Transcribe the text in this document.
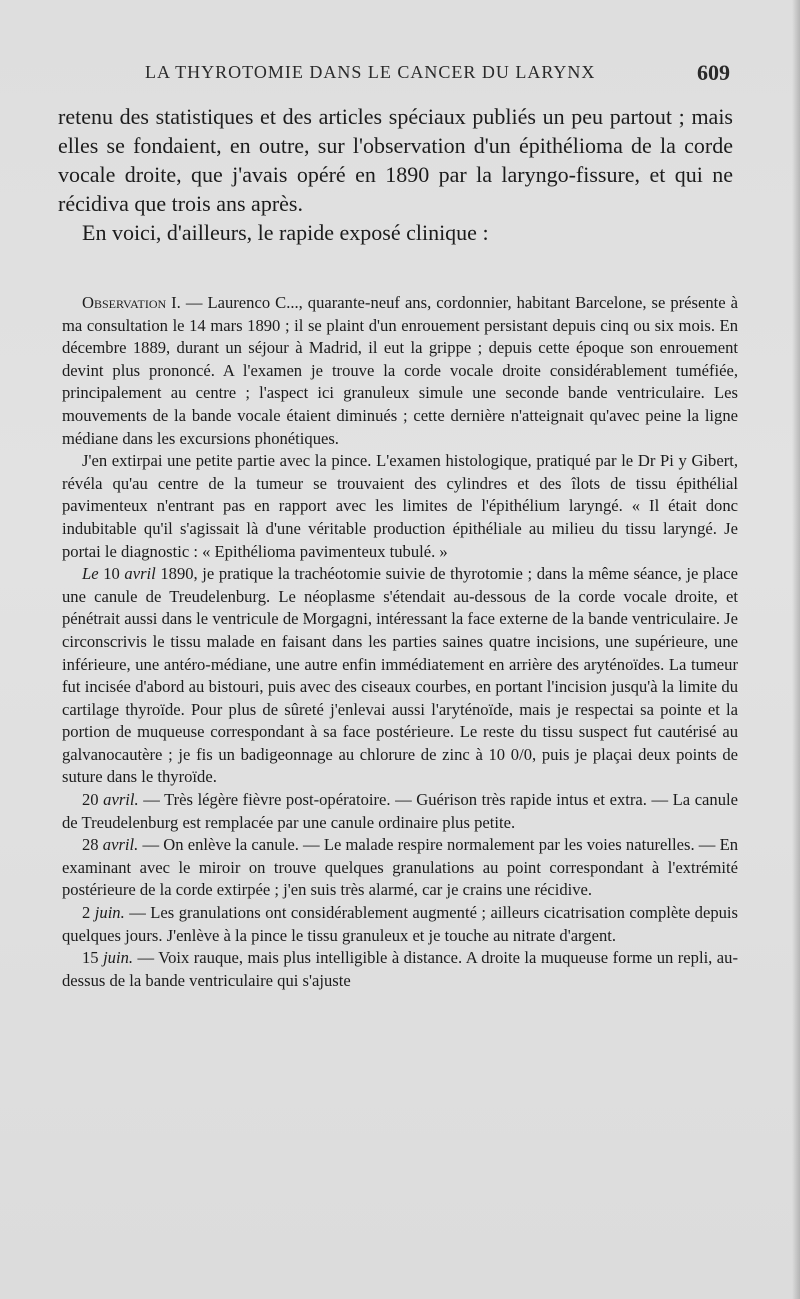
LA THYROTOMIE DANS LE CANCER DU LARYNX	609

retenu des statistiques et des articles spéciaux publiés un peu partout ; mais elles se fondaient, en outre, sur l'observation d'un épithélioma de la corde vocale droite, que j'avais opéré en 1890 par la laryngo-fissure, et qui ne récidiva que trois ans après.

En voici, d'ailleurs, le rapide exposé clinique :

Observation I. — Laurenco C..., quarante-neuf ans, cordonnier, habitant Barcelone, se présente à ma consultation le 14 mars 1890 ; il se plaint d'un enrouement persistant depuis cinq ou six mois. En décembre 1889, durant un séjour à Madrid, il eut la grippe ; depuis cette époque son enrouement devint plus prononcé. A l'examen je trouve la corde vocale droite considérablement tuméfiée, principalement au centre ; l'aspect ici granuleux simule une seconde bande ventriculaire. Les mouvements de la bande vocale étaient diminués ; cette dernière n'atteignait qu'avec peine la ligne médiane dans les excursions phonétiques.

J'en extirpai une petite partie avec la pince. L'examen histologique, pratiqué par le Dr Pi y Gibert, révéla qu'au centre de la tumeur se trouvaient des cylindres et des îlots de tissu épithélial pavimenteux n'entrant pas en rapport avec les limites de l'épithélium laryngé. « Il était donc indubitable qu'il s'agissait là d'une véritable production épithéliale au milieu du tissu laryngé. Je portai le diagnostic : « Epithélioma pavimenteux tubulé. »

Le 10 avril 1890, je pratique la trachéotomie suivie de thyrotomie ; dans la même séance, je place une canule de Treudelenburg. Le néoplasme s'étendait au-dessous de la corde vocale droite, et pénétrait aussi dans le ventricule de Morgagni, intéressant la face externe de la bande ventriculaire. Je circonscrivis le tissu malade en faisant dans les parties saines quatre incisions, une supérieure, une inférieure, une antéro-médiane, une autre enfin immédiatement en arrière des aryténoïdes. La tumeur fut incisée d'abord au bistouri, puis avec des ciseaux courbes, en portant l'incision jusqu'à la limite du cartilage thyroïde. Pour plus de sûreté j'enlevai aussi l'aryténoïde, mais je respectai sa pointe et la portion de muqueuse correspondant à sa face postérieure. Le reste du tissu suspect fut cautérisé au galvanocautère ; je fis un badigeonnage au chlorure de zinc à 10 0/0, puis je plaçai deux points de suture dans le thyroïde.

20 avril. — Très légère fièvre post-opératoire. — Guérison très rapide intus et extra. — La canule de Treudelenburg est remplacée par une canule ordinaire plus petite.

28 avril. — On enlève la canule. — Le malade respire normalement par les voies naturelles. — En examinant avec le miroir on trouve quelques granulations au point correspondant à l'extrémité postérieure de la corde extirpée ; j'en suis très alarmé, car je crains une récidive.

2 juin. — Les granulations ont considérablement augmenté ; ailleurs cicatrisation complète depuis quelques jours. J'enlève à la pince le tissu granuleux et je touche au nitrate d'argent.

15 juin. — Voix rauque, mais plus intelligible à distance. A droite la muqueuse forme un repli, au-dessus de la bande ventriculaire qui s'ajuste
